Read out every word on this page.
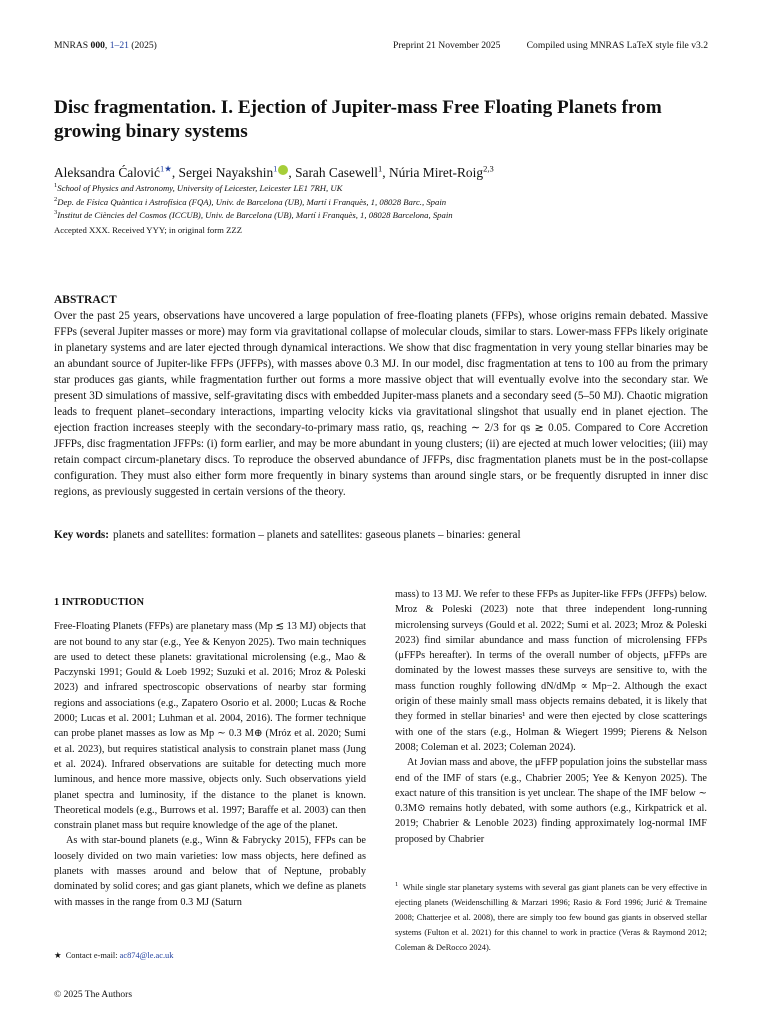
MNRAS 000, 1–21 (2025)	Preprint 21 November 2025	Compiled using MNRAS LaTeX style file v3.2
Disc fragmentation. I. Ejection of Jupiter-mass Free Floating Planets from growing binary systems
Aleksandra Ćalović$^{1★}$, Sergei Nayakshin$^1$ , Sarah Casewell$^1$, Núria Miret-Roig$^{2,3}$
$^1$School of Physics and Astronomy, University of Leicester, Leicester LE1 7RH, UK
$^2$Dep. de Física Quàntica i Astrofísica (FQA), Univ. de Barcelona (UB), Martí i Franquès, 1, 08028 Barc., Spain
$^3$Institut de Ciències del Cosmos (ICCUB), Univ. de Barcelona (UB), Martí i Franquès, 1, 08028 Barcelona, Spain
Accepted XXX. Received YYY; in original form ZZZ
ABSTRACT
Over the past 25 years, observations have uncovered a large population of free-floating planets (FFPs), whose origins remain debated. Massive FFPs (several Jupiter masses or more) may form via gravitational collapse of molecular clouds, similar to stars. Lower-mass FFPs likely originate in planetary systems and are later ejected through dynamical interactions. We show that disc fragmentation in very young stellar binaries may be an abundant source of Jupiter-like FFPs (JFFPs), with masses above 0.3 MJ. In our model, disc fragmentation at tens to 100 au from the primary star produces gas giants, while fragmentation further out forms a more massive object that will eventually evolve into the secondary star. We present 3D simulations of massive, self-gravitating discs with embedded Jupiter-mass planets and a secondary seed (5–50 MJ). Chaotic migration leads to frequent planet–secondary interactions, imparting velocity kicks via gravitational slingshot that usually end in planet ejection. The ejection fraction increases steeply with the secondary-to-primary mass ratio, qs, reaching ∼ 2/3 for qs ≳ 0.05. Compared to Core Accretion JFFPs, disc fragmentation JFFPs: (i) form earlier, and may be more abundant in young clusters; (ii) are ejected at much lower velocities; (iii) may retain compact circum-planetary discs. To reproduce the observed abundance of JFFPs, disc fragmentation planets must be in the post-collapse configuration. They must also either form more frequently in binary systems than around single stars, or be frequently disrupted in inner disc regions, as previously suggested in certain versions of the theory.
Key words: planets and satellites: formation – planets and satellites: gaseous planets – binaries: general
1 INTRODUCTION

Free-Floating Planets (FFPs) are planetary mass (Mp ≲ 13 MJ) objects that are not bound to any star (e.g., Yee & Kenyon 2025). Two main techniques are used to detect these planets: gravitational microlensing (e.g., Mao & Paczynski 1991; Gould & Loeb 1992; Suzuki et al. 2016; Mroz & Poleski 2023) and infrared spectroscopic observations of nearby star forming regions and associations (e.g., Zapatero Osorio et al. 2000; Lucas & Roche 2000; Lucas et al. 2001; Luhman et al. 2004, 2016). The former technique can probe planet masses as low as Mp ∼ 0.3 M⊕ (Mróz et al. 2020; Sumi et al. 2023), but requires statistical analysis to constrain planet mass (Jung et al. 2024). Infrared observations are suitable for detecting much more luminous, and hence more massive, objects only. Such observations yield planet spectra and luminosity, if the distance to the planet is known. Theoretical models (e.g., Burrows et al. 1997; Baraffe et al. 2003) can then constrain planet mass but require knowledge of the age of the planet.

As with star-bound planets (e.g., Winn & Fabrycky 2015), FFPs can be loosely divided on two main varieties: low mass objects, here defined as planets with masses around and below that of Neptune, probably dominated by solid cores; and gas giant planets, which we define as planets with masses in the range from 0.3 MJ (Saturn

mass) to 13 MJ. We refer to these FFPs as Jupiter-like FFPs (JFFPs) below. Mroz & Poleski (2023) note that three independent long-running microlensing surveys (Gould et al. 2022; Sumi et al. 2023; Mroz & Poleski 2023) find similar abundance and mass function of microlensing FFPs (μFFPs hereafter). In terms of the overall number of objects, μFFPs are dominated by the lowest masses these surveys are sensitive to, with the mass function roughly following dN/dMp ∝ Mp−2. Although the exact origin of these mainly small mass objects remains debated, it is likely that they formed in stellar binaries¹ and were then ejected by close scatterings with one of the stars (e.g., Holman & Wiegert 1999; Pierens & Nelson 2008; Coleman et al. 2023; Coleman 2024).

At Jovian mass and above, the μFFP population joins the substellar mass end of the IMF of stars (e.g., Chabrier 2005; Yee & Kenyon 2025). The exact nature of this transition is yet unclear. The shape of the IMF below ∼ 0.3M⊙ remains hotly debated, with some authors (e.g., Kirkpatrick et al. 2019; Chabrier & Lenoble 2023) finding approximately log-normal IMF proposed by Chabrier

$^1$ While single star planetary systems with several gas giant planets can be very effective in ejecting planets (Weidenschilling & Marzari 1996; Rasio & Ford 1996; Jurić & Tremaine 2008; Chatterjee et al. 2008), there are simply too few bound gas giants in observed stellar systems (Fulton et al. 2021) for this channel to work in practice (Veras & Raymond 2012; Coleman & DeRocco 2024).
★ Contact e-mail: ac874@le.ac.uk
© 2025 The Authors
